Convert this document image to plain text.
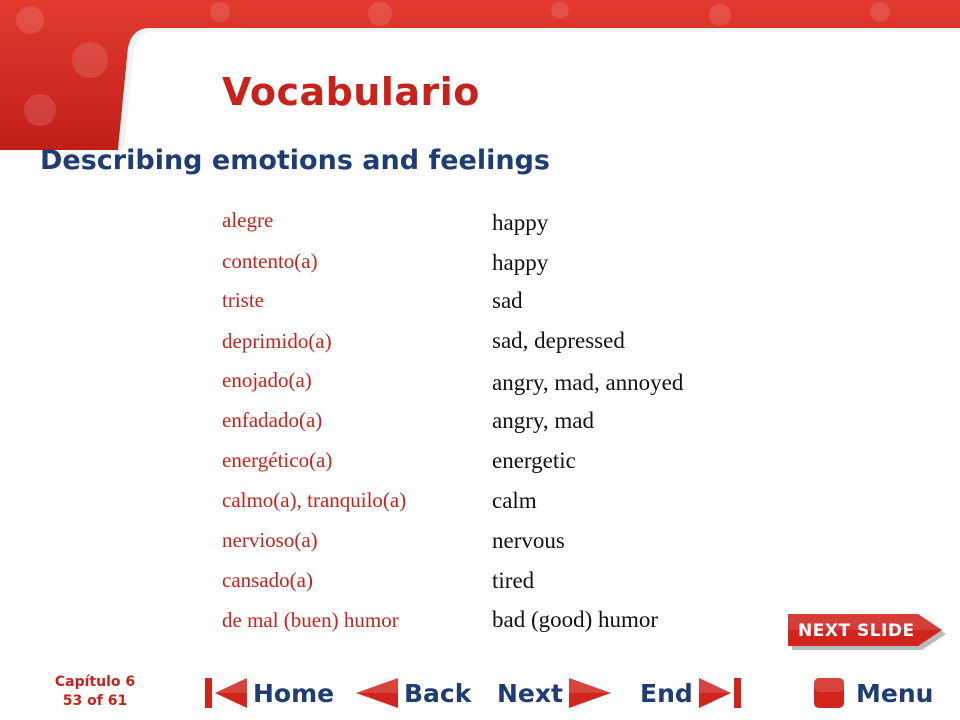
Vocabulario
Describing emotions and feelings
alegre	happy
contento(a)	happy
triste	sad
deprimido(a)	sad, depressed
enojado(a)	angry, mad, annoyed
enfadado(a)	angry, mad
energético(a)	energetic
calmo(a), tranquilo(a)	calm
nervioso(a)	nervous
cansado(a)	tired
de mal (buen) humor	bad (good) humor	NEXT SLIDE
Capítulo 6
53 of 61	Home	Back Next	End	Menu
